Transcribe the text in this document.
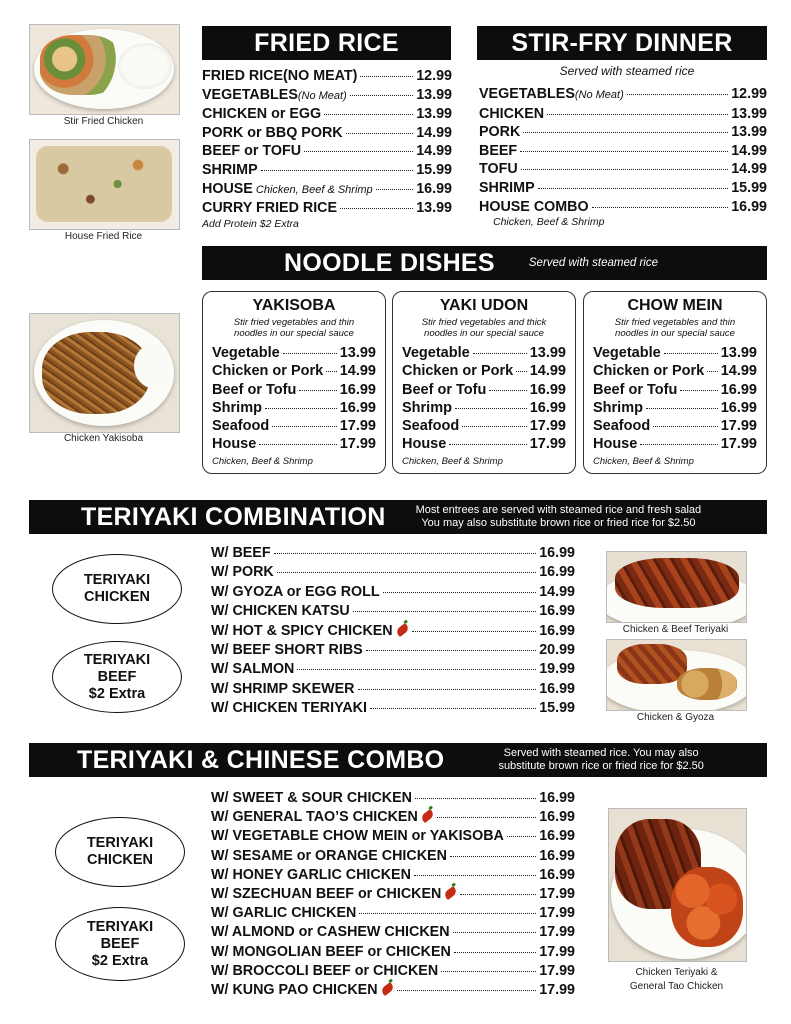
Stir Fried Chicken
House Fried Rice
Chicken Yakisoba
FRIED RICE
FRIED RICE(NO MEAT)	12.99
VEGETABLES(No Meat)	13.99
CHICKEN or EGG	13.99
PORK or BBQ PORK	14.99
BEEF or TOFU	14.99
SHRIMP	15.99
HOUSE Chicken, Beef & Shrimp	16.99
CURRY FRIED RICE	13.99
Add Protein $2 Extra
STIR-FRY DINNER
Served with steamed rice
VEGETABLES(No Meat)	12.99
CHICKEN	13.99
PORK	13.99
BEEF	14.99
TOFU	14.99
SHRIMP	15.99
HOUSE COMBO	16.99
Chicken, Beef & Shrimp
NOODLE DISHES	Served with steamed rice
YAKISOBA
Stir fried vegetables and thin
noodles in our special sauce
Vegetable	13.99
Chicken or Pork 14.99
Beef or Tofu	16.99
Shrimp	16.99
Seafood	17.99
House	17.99
Chicken, Beef & Shrimp
YAKI UDON
Stir fried vegetables and thick
noodles in our special sauce
Vegetable	13.99
Chicken or Pork 14.99
Beef or Tofu	16.99
Shrimp	16.99
Seafood	17.99
House	17.99
Chicken, Beef & Shrimp
CHOW MEIN
Stir fried vegetables and thin
noodles in our special sauce
Vegetable	13.99
Chicken or Pork 14.99
Beef or Tofu	16.99
Shrimp	16.99
Seafood	17.99
House	17.99
Chicken, Beef & Shrimp
TERIYAKI COMBINATION	Most entrees are served with steamed rice and fresh salad
You may also substitute brown rice or fried rice for $2.50
TERIYAKI
CHICKEN
TERIYAKI
BEEF
$2 Extra
W/ BEEF	16.99
W/ PORK	16.99
W/ GYOZA or EGG ROLL	14.99
W/ CHICKEN KATSU	16.99
W/ HOT & SPICY CHICKEN	16.99
W/ BEEF SHORT RIBS	20.99
W/ SALMON	19.99
W/ SHRIMP SKEWER	16.99
W/ CHICKEN TERIYAKI	15.99
Chicken & Beef Teriyaki
Chicken & Gyoza
TERIYAKI & CHINESE COMBO	Served with steamed rice. You may also
substitute brown rice or fried rice for $2.50
TERIYAKI
CHICKEN
TERIYAKI
BEEF
$2 Extra
W/ SWEET & SOUR CHICKEN	16.99
W/ GENERAL TAO’S CHICKEN	16.99
W/ VEGETABLE CHOW MEIN or YAKISOBA 16.99
W/ SESAME or ORANGE CHICKEN	16.99
W/ HONEY GARLIC CHICKEN	16.99
W/ SZECHUAN BEEF or CHICKEN	17.99
W/ GARLIC CHICKEN	17.99
W/ ALMOND or CASHEW CHICKEN	17.99
W/ MONGOLIAN BEEF or CHICKEN	17.99
W/ BROCCOLI BEEF or CHICKEN	17.99
W/ KUNG PAO CHICKEN	17.99
Chicken Teriyaki &
General Tao Chicken
